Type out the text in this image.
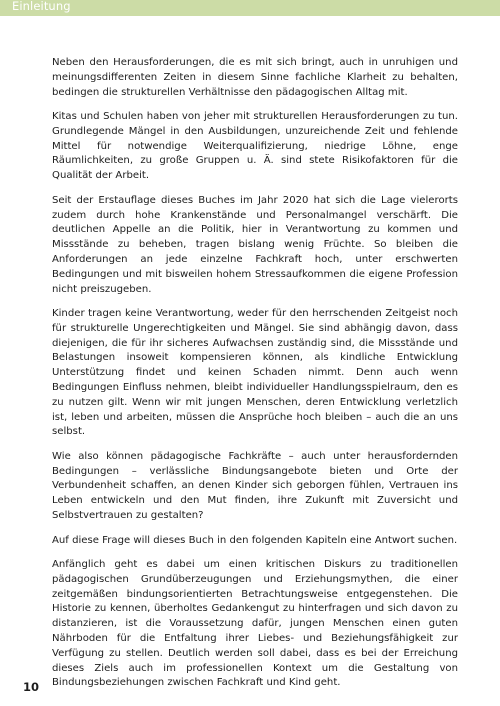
Einleitung

Neben den Herausforderungen, die es mit sich bringt, auch in unruhigen und meinungsdifferenten Zeiten in diesem Sinne fachliche Klarheit zu behalten, bedingen die strukturellen Verhältnisse den pädagogischen Alltag mit.

Kitas und Schulen haben von jeher mit strukturellen Herausforderungen zu tun. Grundlegende Mängel in den Ausbildungen, unzureichende Zeit und fehlende Mittel für notwendige Weiterqualifizierung, niedrige Löhne, enge Räumlichkeiten, zu große Gruppen u. Ä. sind stete Risikofaktoren für die Qualität der Arbeit.

Seit der Erstauflage dieses Buches im Jahr 2020 hat sich die Lage vielerorts zudem durch hohe Krankenstände und Personalmangel verschärft. Die deutlichen Appelle an die Politik, hier in Verantwortung zu kommen und Missstände zu beheben, tragen bislang wenig Früchte. So bleiben die Anforderungen an jede einzelne Fachkraft hoch, unter erschwerten Bedingungen und mit bisweilen hohem Stressaufkommen die eigene Profession nicht preiszugeben.

Kinder tragen keine Verantwortung, weder für den herrschenden Zeitgeist noch für strukturelle Ungerechtigkeiten und Mängel. Sie sind abhängig davon, dass diejenigen, die für ihr sicheres Aufwachsen zuständig sind, die Missstände und Belastungen insoweit kompensieren können, als kindliche Entwicklung Unterstützung findet und keinen Schaden nimmt. Denn auch wenn Bedingungen Einfluss nehmen, bleibt individueller Handlungsspielraum, den es zu nutzen gilt. Wenn wir mit jungen Menschen, deren Entwicklung verletzlich ist, leben und arbeiten, müssen die Ansprüche hoch bleiben – auch die an uns selbst.

Wie also können pädagogische Fachkräfte – auch unter herausfordernden Bedingungen – verlässliche Bindungsangebote bieten und Orte der Verbundenheit schaffen, an denen Kinder sich geborgen fühlen, Vertrauen ins Leben entwickeln und den Mut finden, ihre Zukunft mit Zuversicht und Selbstvertrauen zu gestalten?

Auf diese Frage will dieses Buch in den folgenden Kapiteln eine Antwort suchen.

Anfänglich geht es dabei um einen kritischen Diskurs zu traditionellen pädagogischen Grundüberzeugungen und Erziehungsmythen, die einer zeitgemäßen bindungsorientierten Betrachtungsweise entgegenstehen. Die Historie zu kennen, überholtes Gedankengut zu hinterfragen und sich davon zu distanzieren, ist die Voraussetzung dafür, jungen Menschen einen guten Nährboden für die Entfaltung ihrer Liebes- und Beziehungsfähigkeit zur Verfügung zu stellen. Deutlich werden soll dabei, dass es bei der Erreichung dieses Ziels auch im professionellen Kontext um die Gestaltung von Bindungsbeziehungen zwischen Fachkraft und Kind geht.

10
